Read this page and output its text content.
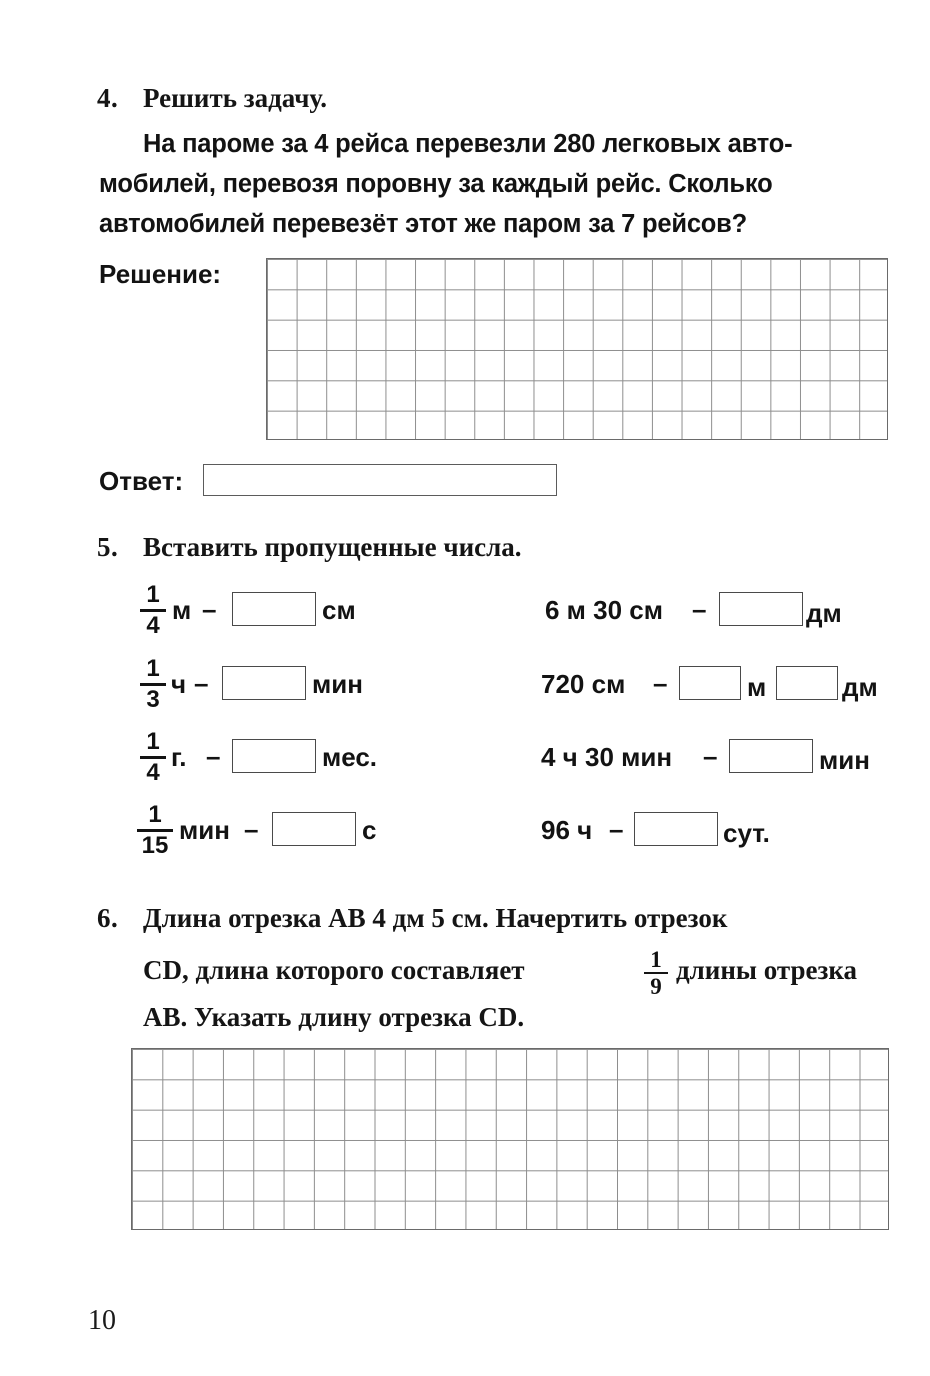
4. Решить задачу.
На пароме за 4 рейса перевезли 280 легковых авто-
мобилей, перевозя поровну за каждый рейс. Сколько
автомобилей перевезёт этот же паром за 7 рейсов?
Решение:
Ответ:
5. Вставить пропущенные числа.
1
4
м –	см
1
3
ч –	мин
1
4
г. –	мес.
1
15
мин –	с
6 м 30 см –	дм
720 см –	м	дм
4 ч 30 мин –	мин
96 ч –	сут.
6. Длина отрезка AB 4 дм 5 см. Начертить отрезок
CD, длина которого составляет	1
9
длины отрезка
AB. Указать длину отрезка CD.
10
